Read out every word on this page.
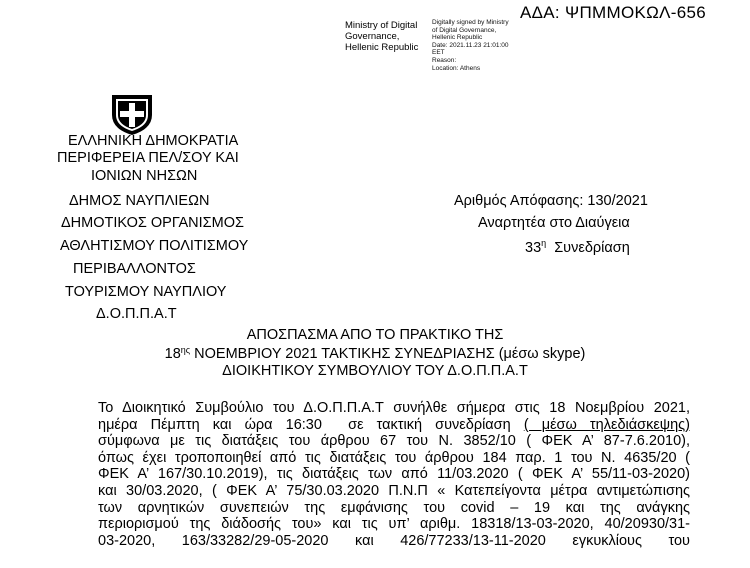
ΑΔΑ: ΨΠΜΜΟΚΩΛ-656
Ministry of Digital
Governance,
Hellenic Republic
Digitally signed by Ministry
of Digital Governance,
Hellenic Republic
Date: 2021.11.23 21:01:00
EET
Reason:
Location: Athens
ΕΛΛΗΝΙΚΗ ΔΗΜΟΚΡΑΤΙΑ
ΠΕΡΙΦΕΡΕΙΑ ΠΕΛ/ΣΟΥ ΚΑΙ
ΙΟΝΙΩΝ ΝΗΣΩΝ
ΔΗΜΟΣ ΝΑΥΠΛΙΕΩΝ
ΔΗΜΟΤΙΚΟΣ ΟΡΓΑΝΙΣΜΟΣ
ΑΘΛΗΤΙΣΜΟΥ ΠΟΛΙΤΙΣΜΟΥ
ΠΕΡΙΒΑΛΛΟΝΤΟΣ
ΤΟΥΡΙΣΜΟΥ ΝΑΥΠΛΙΟΥ
Δ.Ο.Π.Π.Α.Τ
Αριθμός Απόφασης: 130/2021
Αναρτητέα στο Διαύγεια
$33^\eta$  Συνεδρίαση
ΑΠΟΣΠΑΣΜΑ ΑΠΟ ΤΟ ΠΡΑΚΤΙΚΟ ΤΗΣ
$18^{\eta\varsigma}$ ΝΟΕΜΒΡΙΟΥ 2021 ΤΑΚΤΙΚΗΣ ΣΥΝΕΔΡΙΑΣΗΣ (μέσω skype)
ΔΙΟΙΚΗΤΙΚΟΥ ΣΥΜΒΟΥΛΙΟΥ ΤΟΥ Δ.Ο.Π.Π.Α.Τ
Το Διοικητικό Συμβούλιο του Δ.Ο.Π.Π.Α.Τ συνήλθε σήμερα στις 18 Νοεμβρίου 2021,
ημέρα Πέμπτη και ώρα 16:30  σε τακτική συνεδρίαση ( μέσω τηλεδιάσκεψης)
σύμφωνα με τις διατάξεις του άρθρου 67 του Ν. 3852/10 ( ΦΕΚ Α’ 87-7.6.2010),
όπως έχει τροποποιηθεί από τις διατάξεις του άρθρου 184 παρ. 1 του Ν. 4635/20 (
ΦΕΚ Α’ 167/30.10.2019), τις διατάξεις των από 11/03.2020 ( ΦΕΚ Α’ 55/11-03-2020)
και 30/03.2020, ( ΦΕΚ Α’ 75/30.03.2020 Π.Ν.Π « Κατεπείγοντα μέτρα αντιμετώπισης
των αρνητικών συνεπειών της εμφάνισης του covid – 19 και της ανάγκης
περιορισμού της διάδοσής του» και τις υπ’ αριθμ. 18318/13-03-2020, 40/20930/31-
03-2020, 163/33282/29-05-2020 και 426/77233/13-11-2020 εγκυκλίους του
